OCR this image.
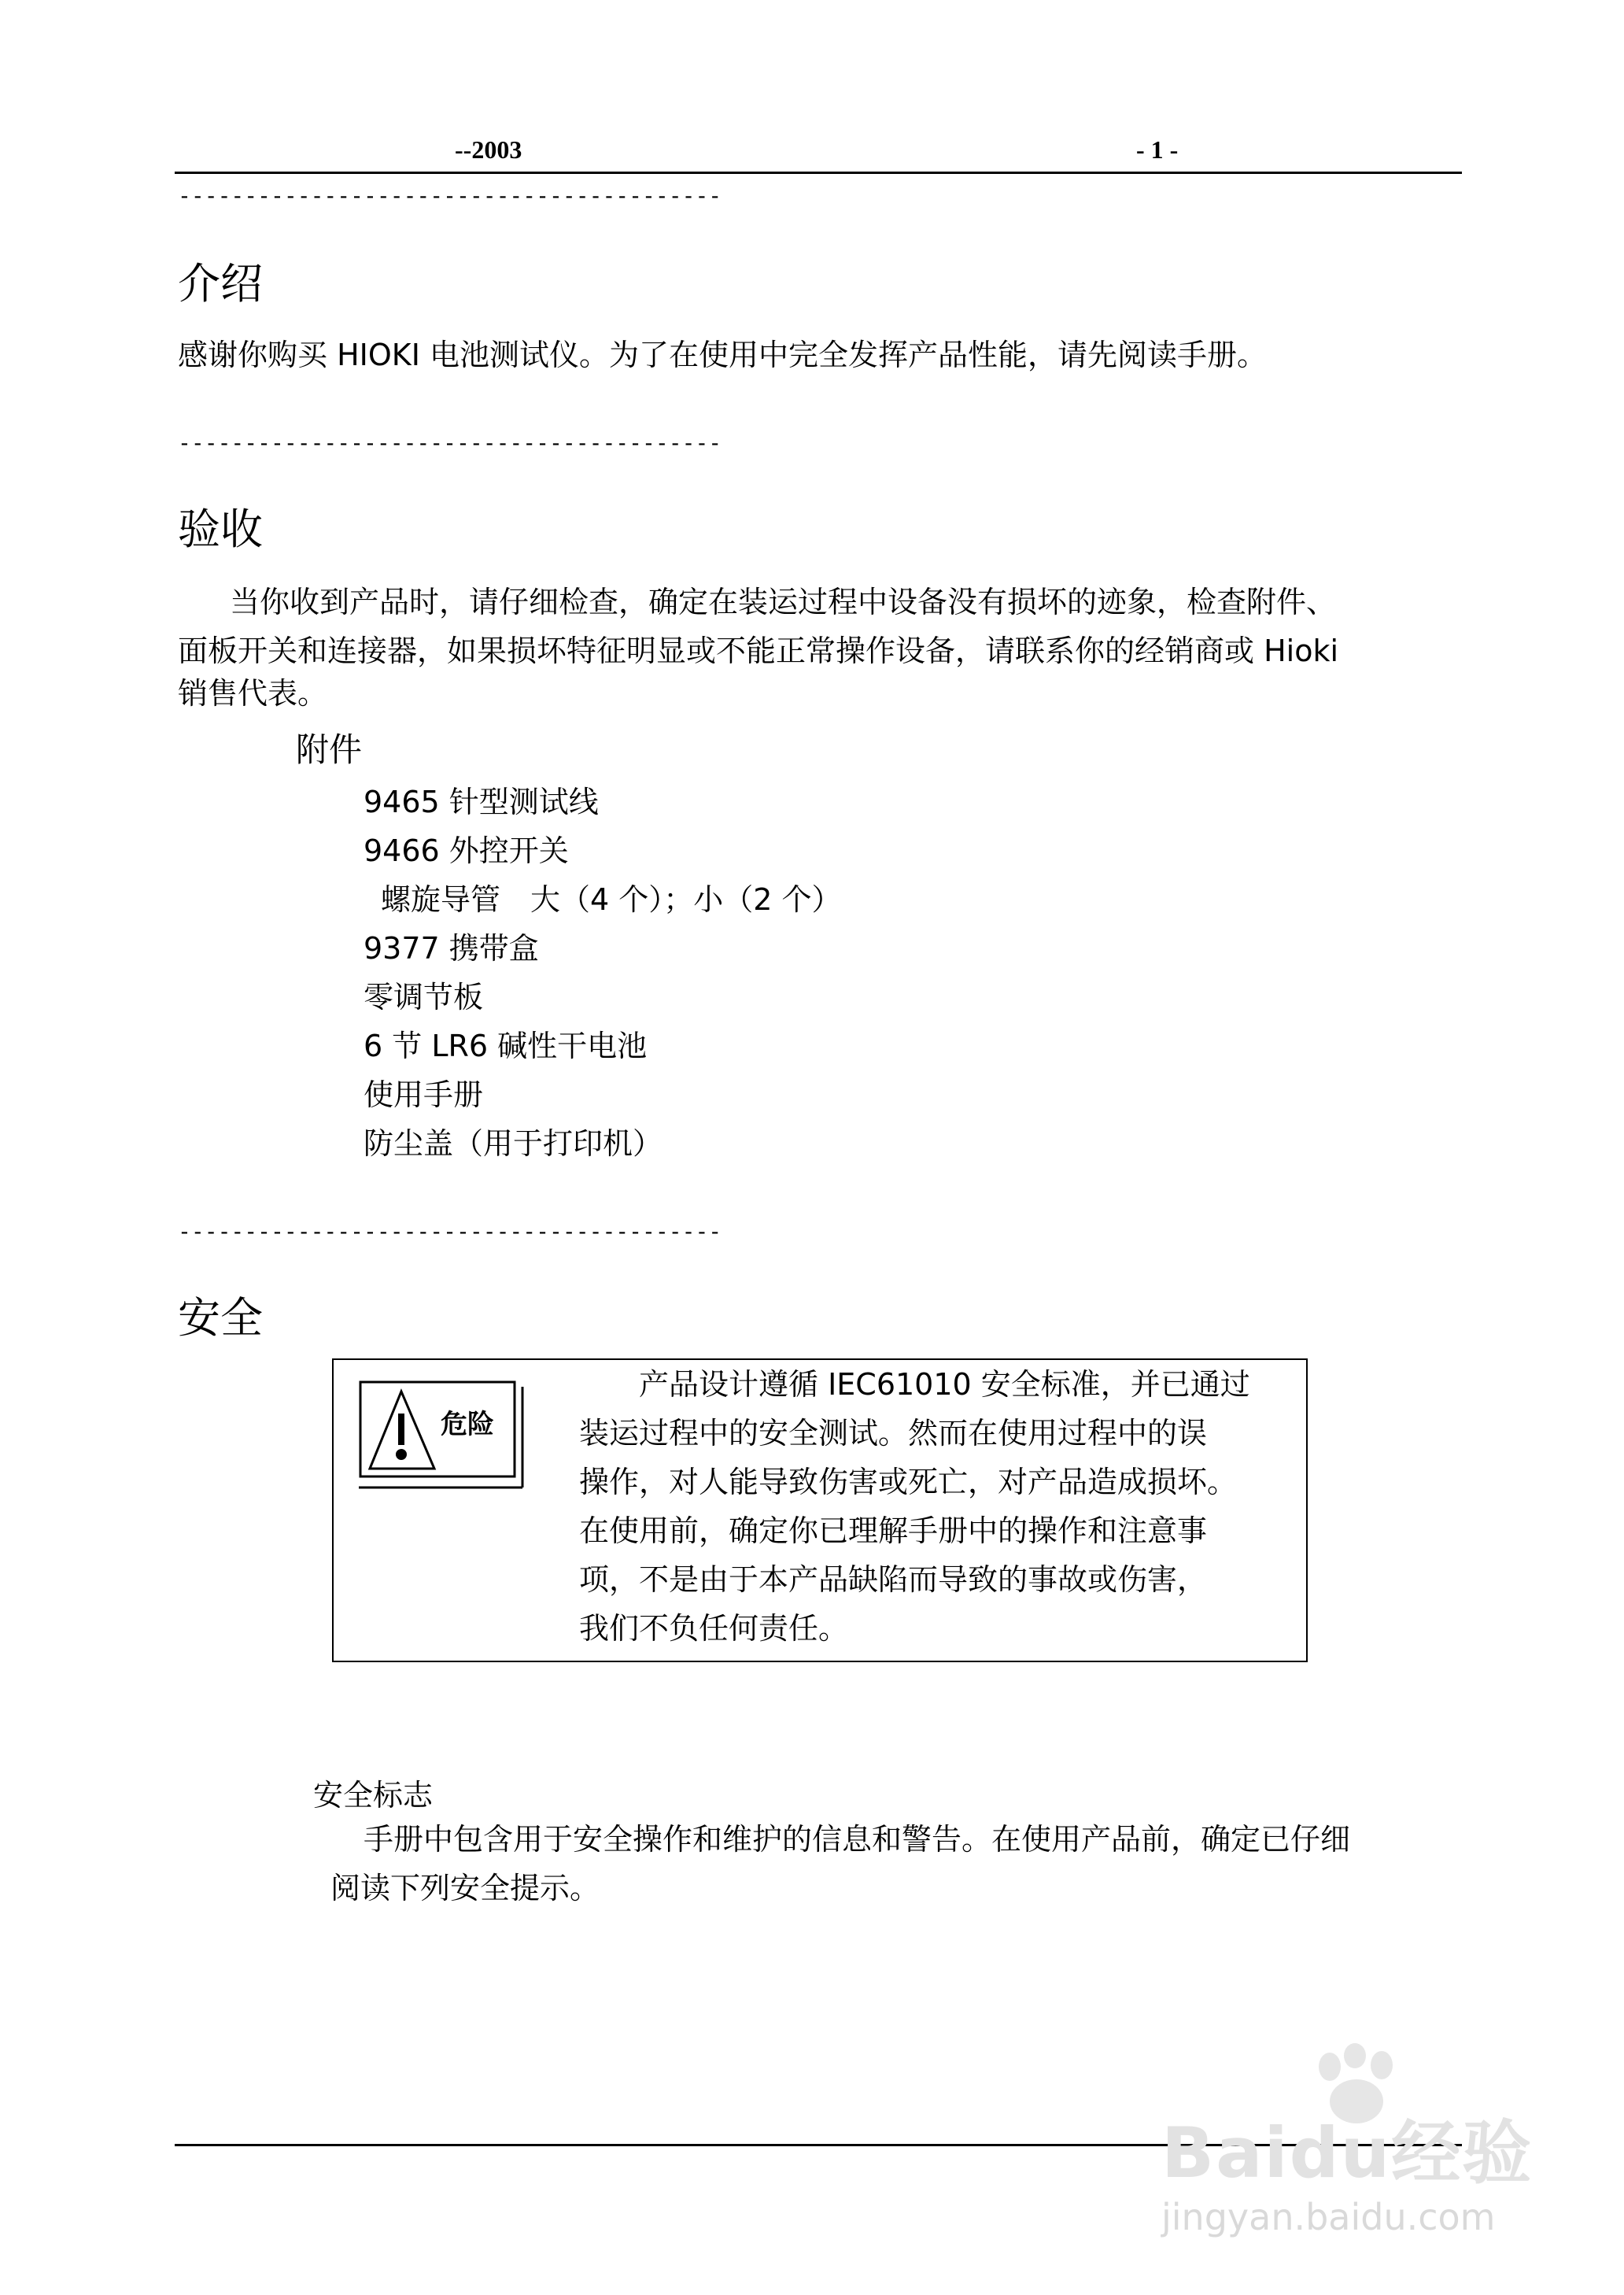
--2003	- 1 -
-----------------------------------------
介绍
感谢你购买 HIOKI 电池测试仪。为了在使用中完全发挥产品性能，请先阅读手册。
-----------------------------------------
验收
当你收到产品时，请仔细检查，确定在装运过程中设备没有损坏的迹象，检查附件、
面板开关和连接器，如果损坏特征明显或不能正常操作设备，请联系你的经销商或 Hioki
销售代表。
附件
9465 针型测试线
9466 外控开关
螺旋导管　大（4 个）；小（2 个）
9377 携带盒
零调节板
6 节 LR6 碱性干电池
使用手册
防尘盖（用于打印机）
-----------------------------------------
安全
危险
　　产品设计遵循 IEC61010 安全标准，并已通过
装运过程中的安全测试。然而在使用过程中的误
操作，对人能导致伤害或死亡，对产品造成损坏。
在使用前，确定你已理解手册中的操作和注意事
项，不是由于本产品缺陷而导致的事故或伤害，
我们不负任何责任。
安全标志
手册中包含用于安全操作和维护的信息和警告。在使用产品前，确定已仔细
阅读下列安全提示。
Baidu经验
jingyan.baidu.com
